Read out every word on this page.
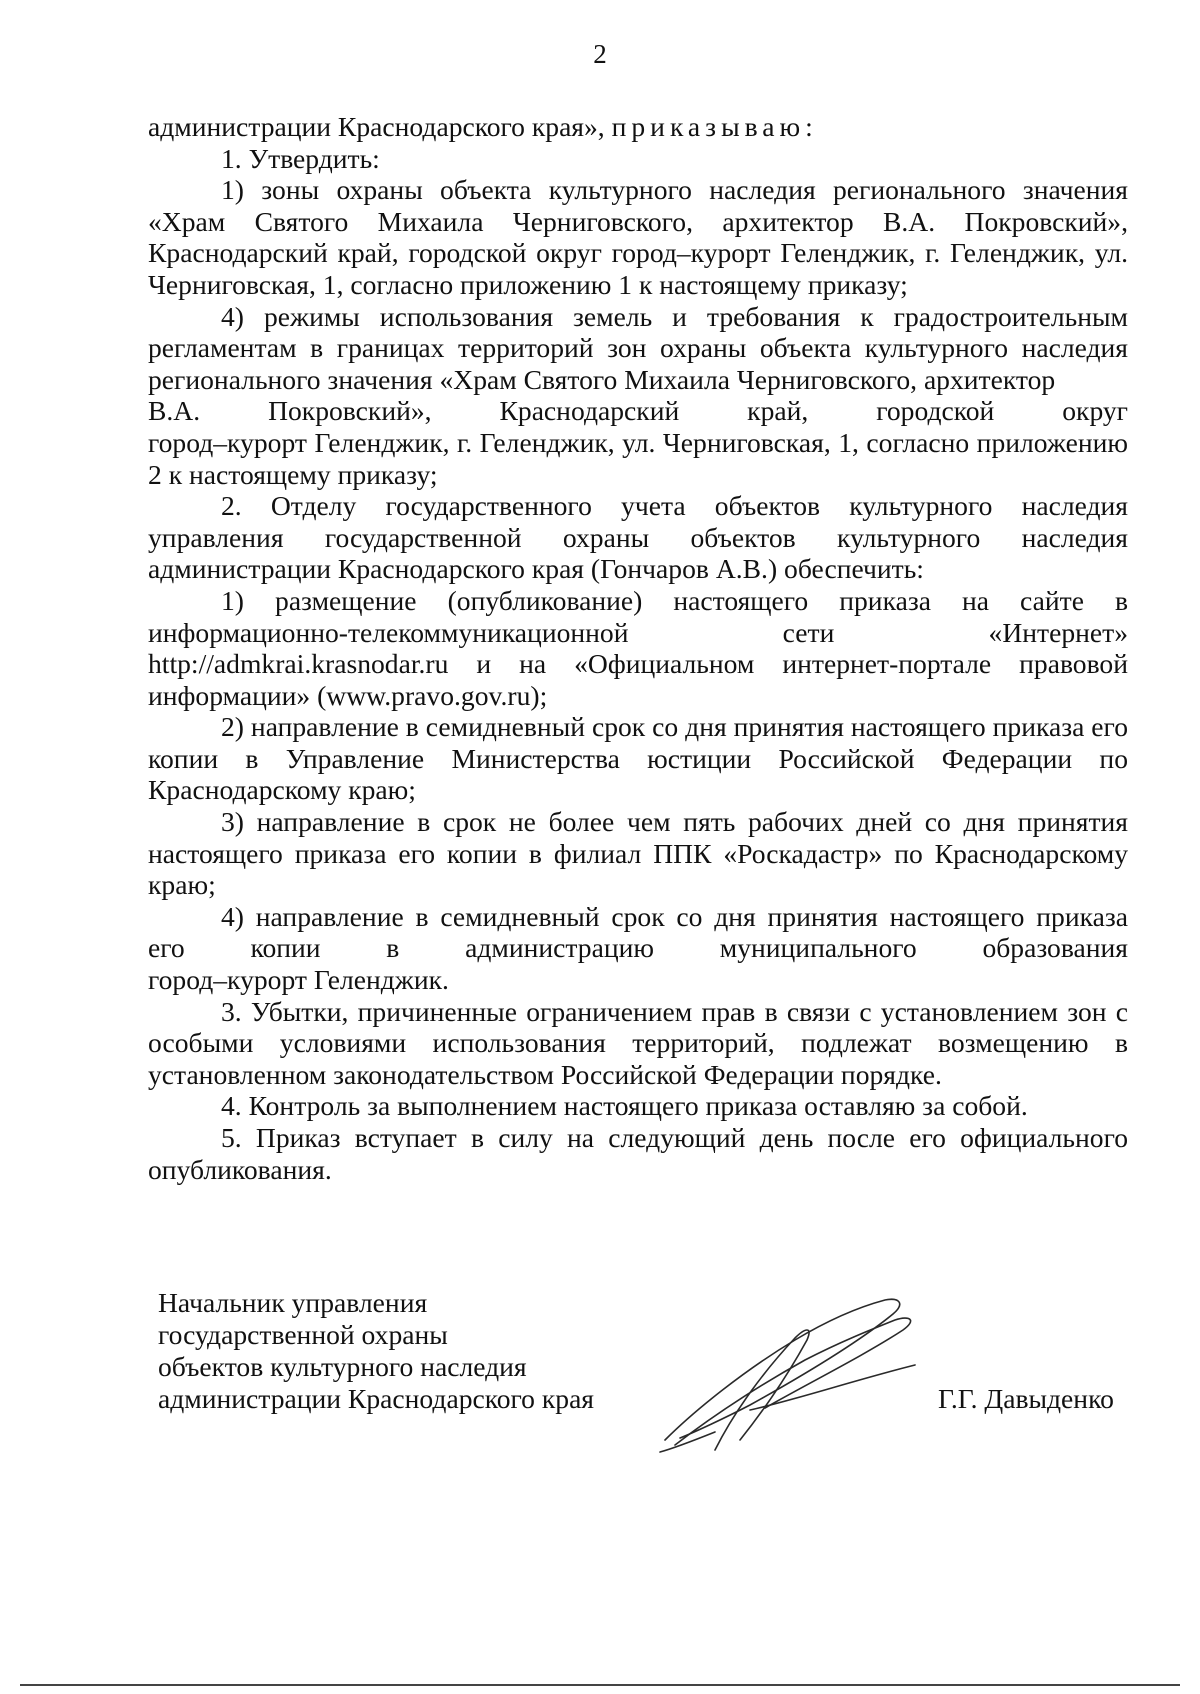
2

администрации Краснодарского края», приказываю:

1. Утвердить:

1) зоны охраны объекта культурного наследия регионального значения «Храм Святого Михаила Черниговского, архитектор В.А. Покровский», Краснодарский край, городской округ город–курорт Геленджик, г. Геленджик, ул. Черниговская, 1, согласно приложению 1 к настоящему приказу;

4) режимы использования земель и требования к градостроительным регламентам в границах территорий зон охраны объекта культурного наследия регионального значения «Храм Святого Михаила Черниговского, архитектор

В.А. Покровский», Краснодарский край, городской округ

город–курорт Геленджик, г. Геленджик, ул. Черниговская, 1, согласно приложению 2 к настоящему приказу;

2. Отделу государственного учета объектов культурного наследия управления государственной охраны объектов культурного наследия администрации Краснодарского края (Гончаров А.В.) обеспечить:

1) размещение (опубликование) настоящего приказа на сайте в

информационно-телекоммуникационной сети «Интернет»

http://admkrai.krasnodar.ru и на «Официальном интернет-портале правовой информации» (www.pravo.gov.ru);

2) направление в семидневный срок со дня принятия настоящего приказа его копии в Управление Министерства юстиции Российской Федерации по Краснодарскому краю;

3) направление в срок не более чем пять рабочих дней со дня принятия настоящего приказа его копии в филиал ППК «Роскадастр» по Краснодарскому краю;

4) направление в семидневный срок со дня принятия настоящего приказа

его копии в администрацию муниципального образования

город–курорт Геленджик.

3. Убытки, причиненные ограничением прав в связи с установлением зон с особыми условиями использования территорий, подлежат возмещению в установленном законодательством Российской Федерации порядке.

4. Контроль за выполнением настоящего приказа оставляю за собой.

5. Приказ вступает в силу на следующий день после его официального опубликования.

Начальник управления
государственной охраны
объектов культурного наследия
администрации Краснодарского края	Г.Г. Давыденко
